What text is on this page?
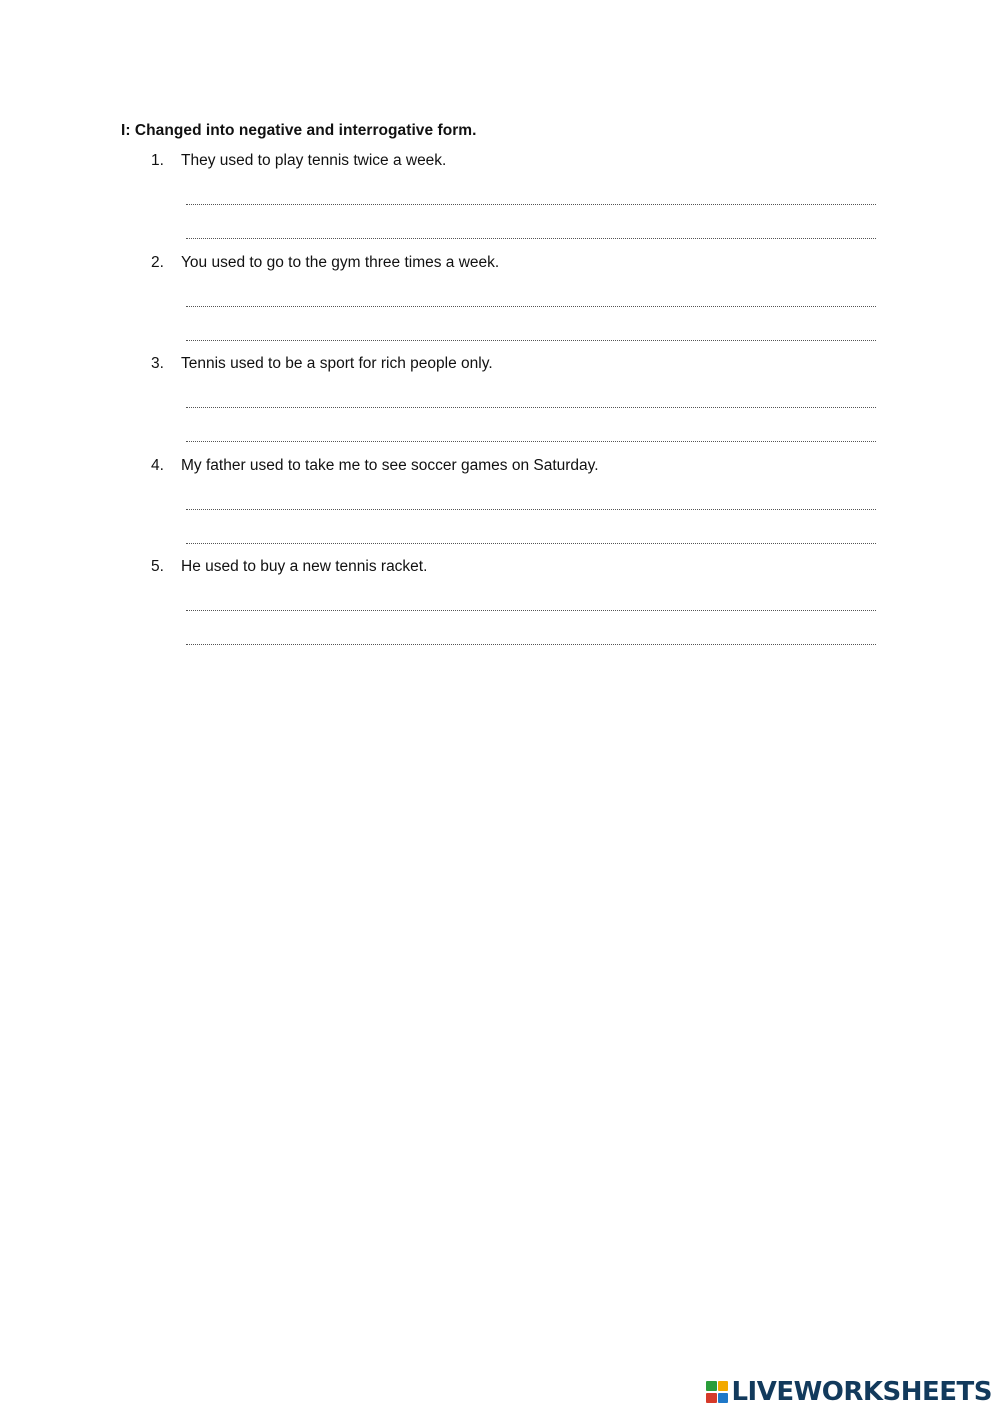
I: Changed into negative and interrogative form.
1.	They used to play tennis twice a week.
2.	You used to go to the gym three times a week.
3.	Tennis used to be a sport for rich people only.
4.	My father used to take me to see soccer games on Saturday.
5.	He used to buy a new tennis racket.
LIVEWORKSHEETS
